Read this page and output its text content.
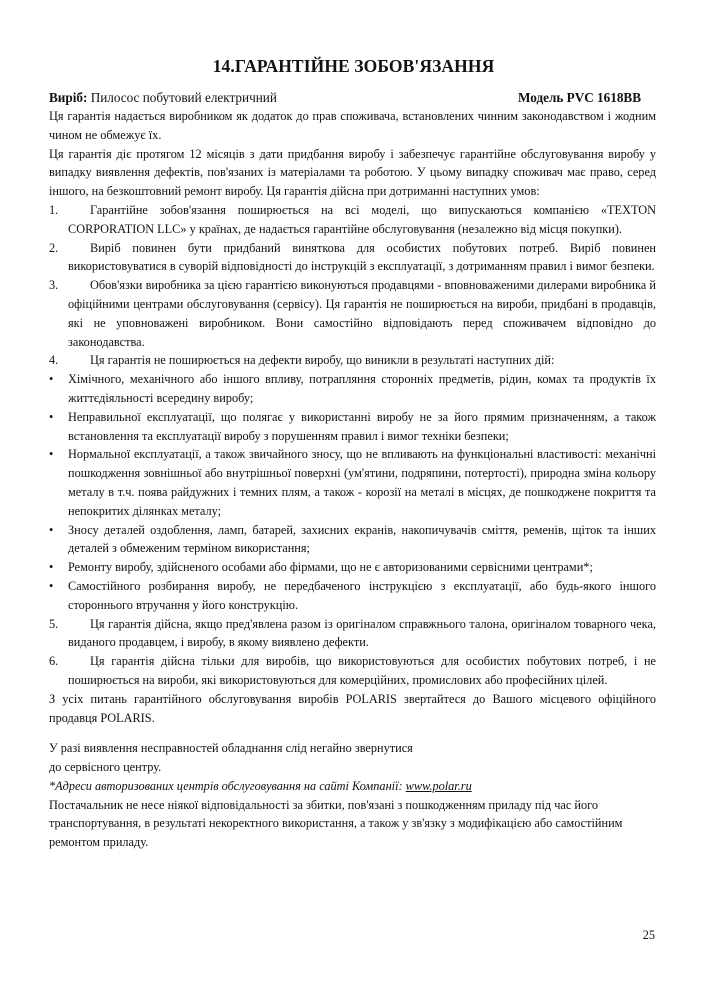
14.ГАРАНТІЙНЕ ЗОБОВ'ЯЗАННЯ
Виріб: Пилосос побутовий електричний	Модель PVC 1618BB

Ця гарантія надається виробником як додаток до прав споживача, встановлених чинним законодавством і жодним чином не обмежує їх.

Ця гарантія діє протягом 12 місяців з дати придбання виробу і забезпечує гарантійне обслуговування виробу у випадку виявлення дефектів, пов'язаних із матеріалами та роботою. У цьому випадку споживач має право, серед іншого, на безкоштовний ремонт виробу. Ця гарантія дійсна при дотриманні наступних умов:

1.	Гарантійне зобов'язання поширюється на всі моделі, що випускаються компанією «TEXTON CORPORATION LLC» у країнах, де надається гарантійне обслуговування (незалежно від місця покупки).
2.	Виріб повинен бути придбаний виняткова для особистих побутових потреб. Виріб повинен використовуватися в суворій відповідності до інструкцій з експлуатації, з дотриманням правил і вимог безпеки.
3.	Обов'язки виробника за цією гарантією виконуються продавцями - вповноваженими дилерами виробника й офіційними центрами обслуговування (сервісу). Ця гарантія не поширюється на вироби, придбані в продавців, які не уповноважені виробником. Вони самостійно відповідають перед споживачем відповідно до законодавства.
4.	Ця гарантія не поширюється на дефекти виробу, що виникли в результаті наступних дій:
•	Хімічного, механічного або іншого впливу, потрапляння сторонніх предметів, рідин, комах та продуктів їх життєдіяльності всередину виробу;
•	Неправильної експлуатації, що полягає у використанні виробу не за його прямим призначенням, а також встановлення та експлуатації виробу з порушенням правил і вимог техніки безпеки;
•	Нормальної експлуатації, а також звичайного зносу, що не впливають на функціональні властивості: механічні пошкодження зовнішньої або внутрішньої поверхні (ум'ятини, подряпини, потертості), природна зміна кольору металу в т.ч. поява райдужних і темних плям, а також - корозії на металі в місцях, де пошкоджене покриття та непокритих ділянках металу;
•	Зносу деталей оздоблення, ламп, батарей, захисних екранів, накопичувачів сміття, ременів, щіток та інших деталей з обмеженим терміном використання;
•	Ремонту виробу, здійсненого особами або фірмами, що не є авторизованими сервісними центрами*;
•	Самостійного розбирання виробу, не передбаченого інструкцією з експлуатації, або будь-якого іншого стороннього втручання у його конструкцію.
5.	Ця гарантія дійсна, якщо пред'явлена разом із оригіналом справжнього талона, оригіналом товарного чека, виданого продавцем, і виробу, в якому виявлено дефекти.
6.	Ця гарантія дійсна тільки для виробів, що використовуються для особистих побутових потреб, і не поширюється на вироби, які використовуються для комерційних, промислових або професійних цілей.

З усіх питань гарантійного обслуговування виробів POLARIS звертайтеся до Вашого місцевого офіційного продавця POLARIS.

У разі виявлення несправностей обладнання слід негайно звернутися
до сервісного центру.
*Адреси авторизованих центрів обслуговування на сайті Компанії: www.polar.ru
Постачальник не несе ніякої відповідальності за збитки, пов'язані з пошкодженням приладу під час його
транспортування, в результаті некоректного використання, а також у зв'язку з модифікацією або самостійним
ремонтом приладу.
25
